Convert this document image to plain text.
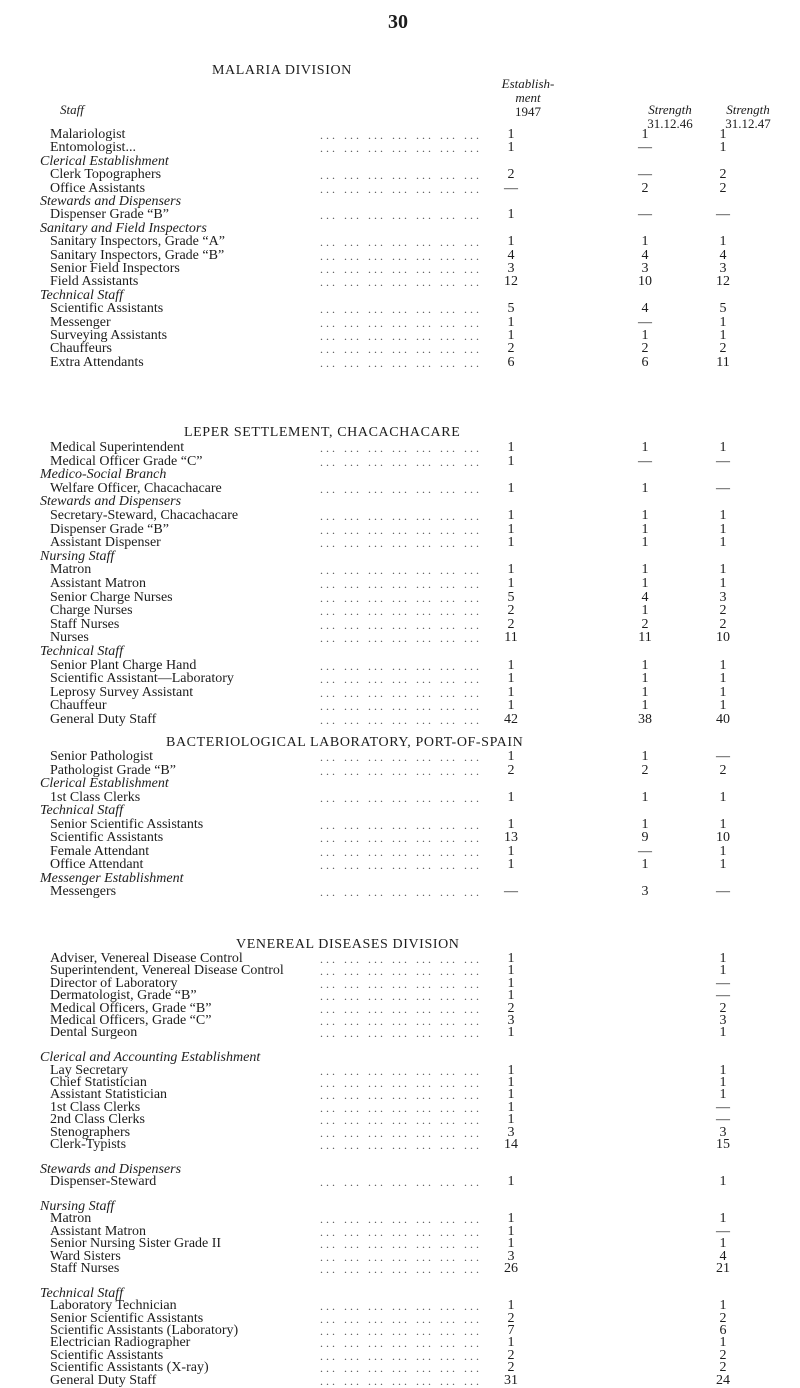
30
Staff
Establish-
ment
1947	Strength
31.12.46
Strength
31.12.47
MALARIA DIVISION
Malariologist	... ... ... ... ... ... ...	1	1	1
Entomologist...	... ... ... ... ... ... ...	1	—	1
Clerical Establishment
Clerk Topographers	... ... ... ... ... ... ...	2	—	2
Office Assistants	... ... ... ... ... ... ...	—	2	2
Stewards and Dispensers
Dispenser Grade “B”	... ... ... ... ... ... ...	1	—	—
Sanitary and Field Inspectors
Sanitary Inspectors, Grade “A”	... ... ... ... ... ... ...	1	1	1
Sanitary Inspectors, Grade “B”	... ... ... ... ... ... ...	4	4	4
Senior Field Inspectors	... ... ... ... ... ... ...	3	3	3
Field Assistants	... ... ... ... ... ... ...	12	10	12
Technical Staff
Scientific Assistants	... ... ... ... ... ... ...	5	4	5
Messenger	... ... ... ... ... ... ...	1	—	1
Surveying Assistants	... ... ... ... ... ... ...	1	1	1
Chauffeurs	... ... ... ... ... ... ...	2	2	2
Extra Attendants	... ... ... ... ... ... ...	6	6	11
LEPER SETTLEMENT, CHACACHACARE
Medical Superintendent	... ... ... ... ... ... ...	1	1	1
Medical Officer Grade “C”	... ... ... ... ... ... ...	1	—	—
Medico-Social Branch
Welfare Officer, Chacachacare	... ... ... ... ... ... ...	1	1	—
Stewards and Dispensers
Secretary-Steward, Chacachacare	... ... ... ... ... ... ...	1	1	1
Dispenser Grade “B”	... ... ... ... ... ... ...	1	1	1
Assistant Dispenser	... ... ... ... ... ... ...	1	1	1
Nursing Staff
Matron	... ... ... ... ... ... ...	1	1	1
Assistant Matron	... ... ... ... ... ... ...	1	1	1
Senior Charge Nurses	... ... ... ... ... ... ...	5	4	3
Charge Nurses	... ... ... ... ... ... ...	2	1	2
Staff Nurses	... ... ... ... ... ... ...	2	2	2
Nurses	... ... ... ... ... ... ...	11	11	10
Technical Staff
Senior Plant Charge Hand	... ... ... ... ... ... ...	1	1	1
Scientific Assistant—Laboratory	... ... ... ... ... ... ...	1	1	1
Leprosy Survey Assistant	... ... ... ... ... ... ...	1	1	1
Chauffeur	... ... ... ... ... ... ...	1	1	1
General Duty Staff	... ... ... ... ... ... ...	42	38	40
BACTERIOLOGICAL LABORATORY, PORT-OF-SPAIN
Senior Pathologist	... ... ... ... ... ... ...	1	1	—
Pathologist Grade “B”	... ... ... ... ... ... ...	2	2	2
Clerical Establishment
1st Class Clerks	... ... ... ... ... ... ...	1	1	1
Technical Staff
Senior Scientific Assistants	... ... ... ... ... ... ...	1	1	1
Scientific Assistants	... ... ... ... ... ... ...	13	9	10
Female Attendant	... ... ... ... ... ... ...	1	—	1
Office Attendant	... ... ... ... ... ... ...	1	1	1
Messenger Establishment
Messengers	... ... ... ... ... ... ...	—	3	—
VENEREAL DISEASES DIVISION
Adviser, Venereal Disease Control	... ... ... ... ... ... ...	1	1
Superintendent, Venereal Disease Control	... ... ... ... ... ... ...	1	1
Director of Laboratory	... ... ... ... ... ... ...	1	—
Dermatologist, Grade “B”	... ... ... ... ... ... ...	1	—
Medical Officers, Grade “B”	... ... ... ... ... ... ...	2	2
Medical Officers, Grade “C”	... ... ... ... ... ... ...	3	3
Dental Surgeon	... ... ... ... ... ... ...	1	1
Clerical and Accounting Establishment
Lay Secretary	... ... ... ... ... ... ...	1	1
Chief Statistician	... ... ... ... ... ... ...	1	1
Assistant Statistician	... ... ... ... ... ... ...	1	1
1st Class Clerks	... ... ... ... ... ... ...	1	—
2nd Class Clerks	... ... ... ... ... ... ...	1	—
Stenographers	... ... ... ... ... ... ...	3	3
Clerk-Typists	... ... ... ... ... ... ...	14	15
Stewards and Dispensers
Dispenser-Steward	... ... ... ... ... ... ...	1	1
Nursing Staff
Matron	... ... ... ... ... ... ...	1	1
Assistant Matron	... ... ... ... ... ... ...	1	—
Senior Nursing Sister Grade II	... ... ... ... ... ... ...	1	1
Ward Sisters	... ... ... ... ... ... ...	3	4
Staff Nurses	... ... ... ... ... ... ...	26	21
Technical Staff
Laboratory Technician	... ... ... ... ... ... ...	1	1
Senior Scientific Assistants	... ... ... ... ... ... ...	2	2
Scientific Assistants (Laboratory)	... ... ... ... ... ... ...	7	6
Electrician Radiographer	... ... ... ... ... ... ...	1	1
Scientific Assistants	... ... ... ... ... ... ...	2	2
Scientific Assistants (X-ray)	... ... ... ... ... ... ...	2	2
General Duty Staff	... ... ... ... ... ... ...	31	24
